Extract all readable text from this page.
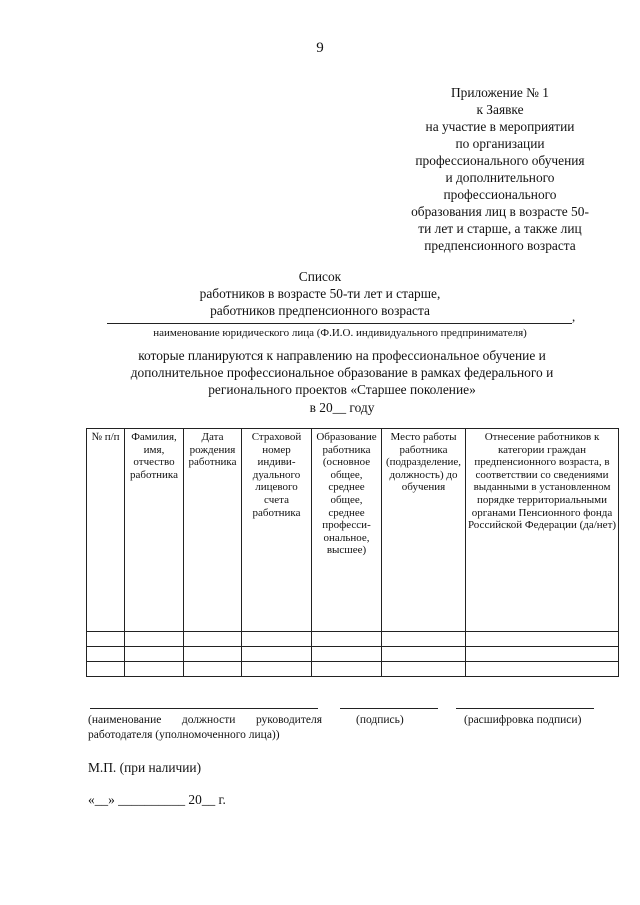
9
Приложение № 1
к Заявке
на участие в мероприятии
по организации
профессионального обучения
и дополнительного
профессионального
образования лиц в возрасте 50-
ти лет и старше, а также лиц
предпенсионного возраста
Список
работников в возрасте 50-ти лет и старше,
работников предпенсионного возраста	,
наименование юридического лица (Ф.И.О. индивидуального предпринимателя)
которые планируются к направлению на профессиональное обучение и
дополнительное профессиональное образование в рамках федерального и
регионального проектов «Старшее поколение»
в 20__ году
№ п/п	Фамилия, имя, отчество работника	Дата рождения работника	Страховой номер индиви-дуального лицевого счета работника	Образование работника (основное общее, среднее общее, среднее професси-ональное, высшее)	Место работы работника (подразделение, должность) до обучения	Отнесение работников к категории граждан предпенсионного возраста, в соответствии со сведениями выданными в установленном порядке территориальными органами Пенсионного фонда Российской Федерации (да/нет)

(наименование должности руководителя	(подпись)	(расшифровка подписи)
работодателя (уполномоченного лица))
М.П. (при наличии)
«__» __________ 20__ г.
